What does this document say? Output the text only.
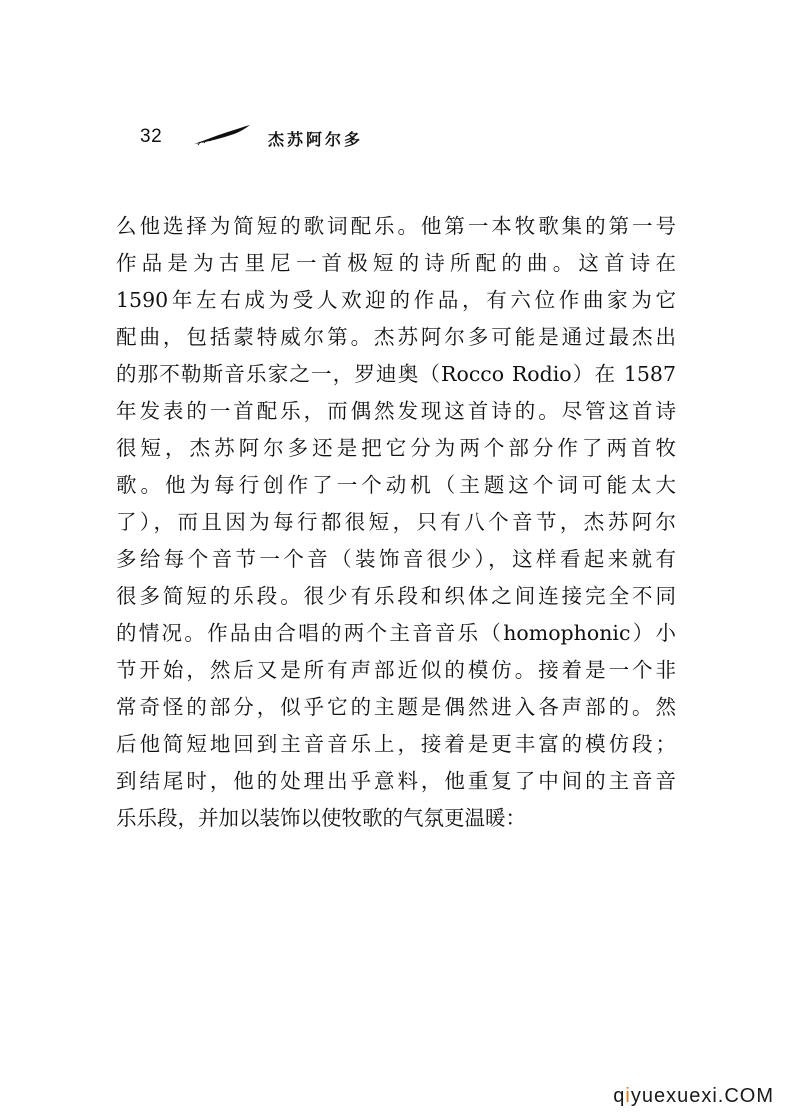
32	杰苏阿尔多
么他选择为简短的歌词配乐。他第一本牧歌集的第一号
作品是为古里尼一首极短的诗所配的曲。这首诗在
1590年左右成为受人欢迎的作品，有六位作曲家为它
配曲，包括蒙特威尔第。杰苏阿尔多可能是通过最杰出
的那不勒斯音乐家之一，罗迪奥（Rocco Rodio）在 1587
年发表的一首配乐，而偶然发现这首诗的。尽管这首诗
很短，杰苏阿尔多还是把它分为两个部分作了两首牧
歌。他为每行创作了一个动机（主题这个词可能太大
了），而且因为每行都很短，只有八个音节，杰苏阿尔
多给每个音节一个音（装饰音很少），这样看起来就有
很多简短的乐段。很少有乐段和织体之间连接完全不同
的情况。作品由合唱的两个主音音乐（homophonic）小
节开始，然后又是所有声部近似的模仿。接着是一个非
常奇怪的部分，似乎它的主题是偶然进入各声部的。然
后他简短地回到主音音乐上，接着是更丰富的模仿段；
到结尾时，他的处理出乎意料，他重复了中间的主音音
乐乐段，并加以装饰以使牧歌的气氛更温暖：
qiyuexuexi.COM
